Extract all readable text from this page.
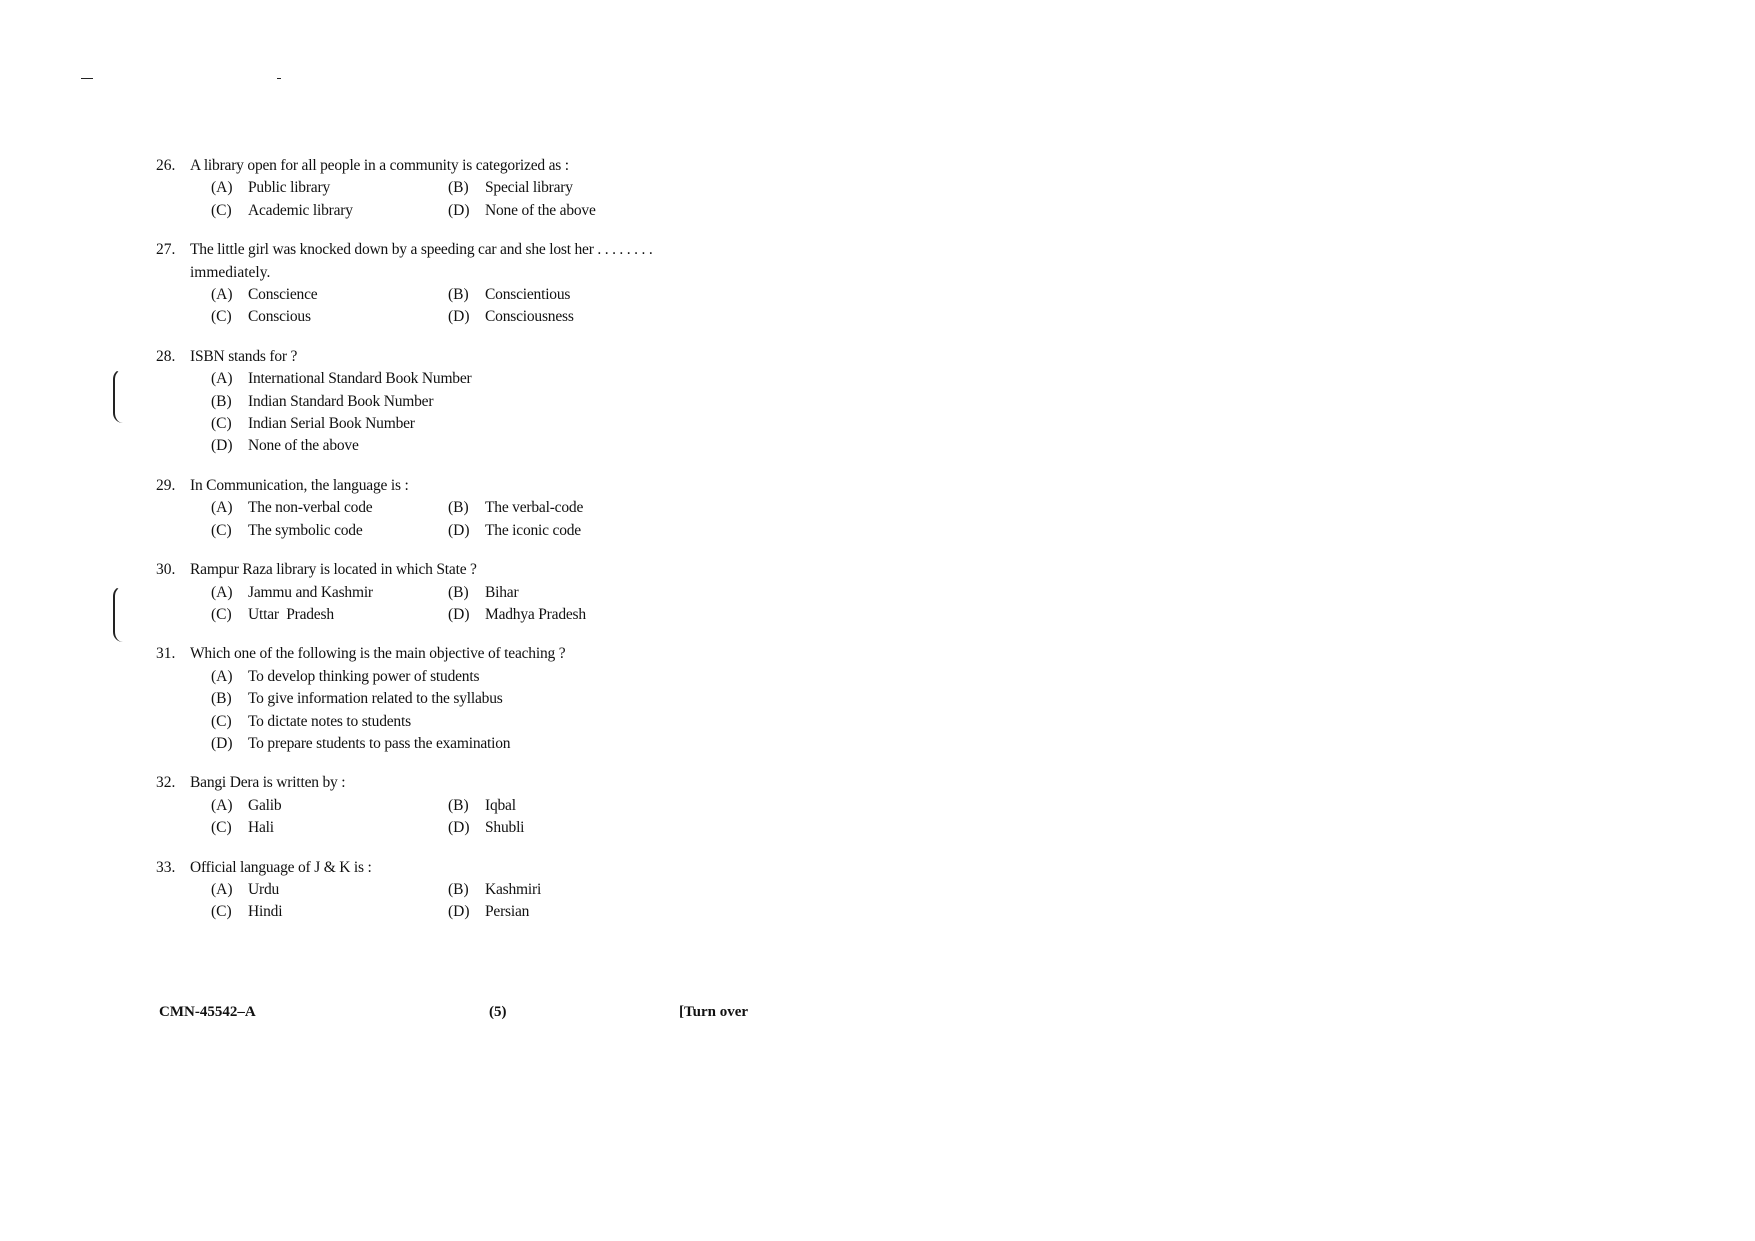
26. A library open for all people in a community is categorized as :
(A) Public library	(B)	Special library
(C)	Academic library	(D) None of the above
27. The little girl was knocked down by a speeding car and she lost her . . . . . . . .
immediately.
(A) Conscience	(B)	Conscientious
(C)	Conscious	(D) Consciousness
28. ISBN stands for ?
(A) International Standard Book Number
(B)	Indian Standard Book Number
(C)	Indian Serial Book Number
(D) None of the above
29. In Communication, the language is :
(A) The non-verbal code	(B)	The verbal-code
(C)	The symbolic code	(D) The iconic code
30. Rampur Raza library is located in which State ?
(A) Jammu and Kashmir	(B)	Bihar
(C)	Uttar  Pradesh	(D) Madhya Pradesh
31. Which one of the following is the main objective of teaching ?
(A) To develop thinking power of students
(B)	To give information related to the syllabus
(C)	To dictate notes to students
(D) To prepare students to pass the examination
32. Bangi Dera is written by :
(A) Galib	(B)	Iqbal
(C)	Hali	(D) Shubli
33. Official language of J & K is :
(A) Urdu	(B)	Kashmiri
(C)	Hindi	(D) Persian
CMN-45542–A	(5)	[Turn over
